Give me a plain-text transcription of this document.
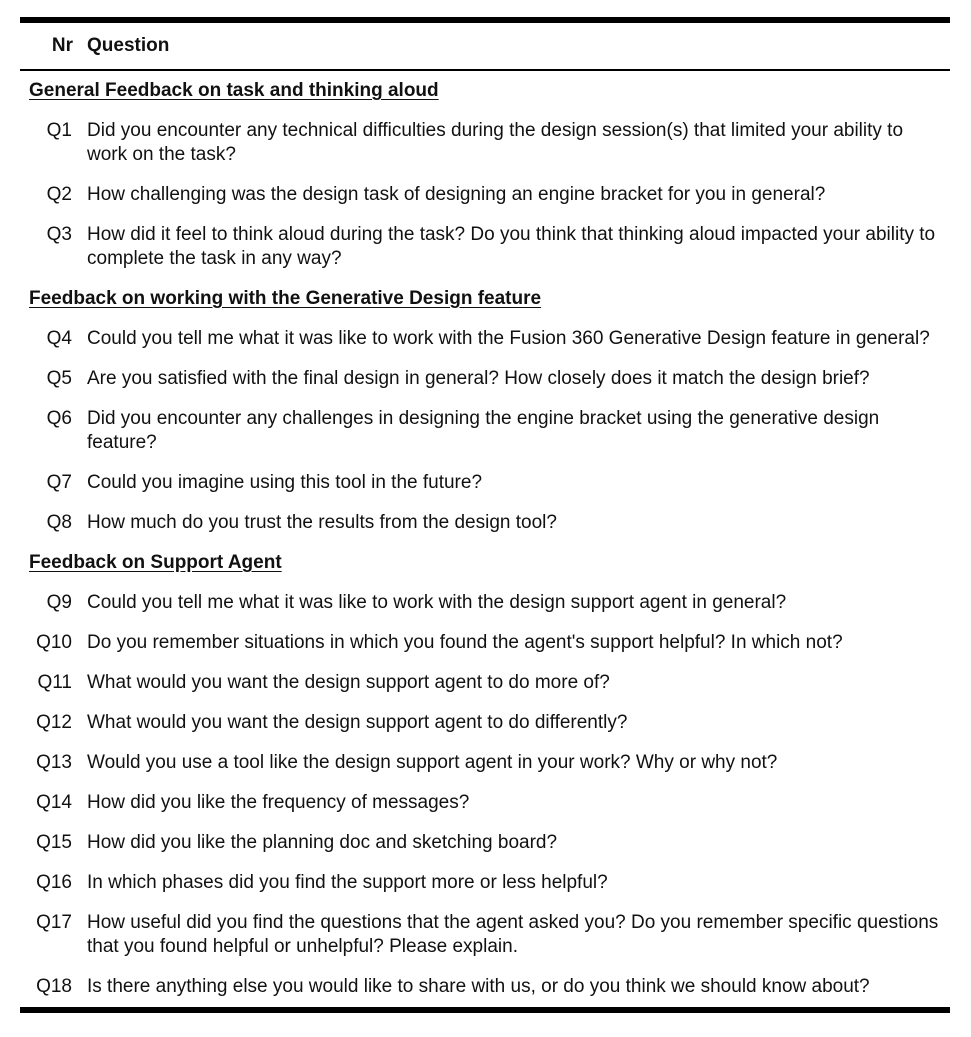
Nr Question
General Feedback on task and thinking aloud
Q1 Did you encounter any technical difficulties during the design session(s) that limited your ability to work on the task?
Q2 How challenging was the design task of designing an engine bracket for you in general?
Q3 How did it feel to think aloud during the task? Do you think that thinking aloud impacted your ability to complete the task in any way?
Feedback on working with the Generative Design feature
Q4 Could you tell me what it was like to work with the Fusion 360 Generative Design feature in general?
Q5 Are you satisfied with the final design in general? How closely does it match the design brief?
Q6 Did you encounter any challenges in designing the engine bracket using the generative design feature?
Q7 Could you imagine using this tool in the future?
Q8 How much do you trust the results from the design tool?
Feedback on Support Agent
Q9 Could you tell me what it was like to work with the design support agent in general?
Q10 Do you remember situations in which you found the agent's support helpful? In which not?
Q11 What would you want the design support agent to do more of?
Q12 What would you want the design support agent to do differently?
Q13 Would you use a tool like the design support agent in your work? Why or why not?
Q14 How did you like the frequency of messages?
Q15 How did you like the planning doc and sketching board?
Q16 In which phases did you find the support more or less helpful?
Q17 How useful did you find the questions that the agent asked you? Do you remember specific questions that you found helpful or unhelpful? Please explain.
Q18 Is there anything else you would like to share with us, or do you think we should know about?
